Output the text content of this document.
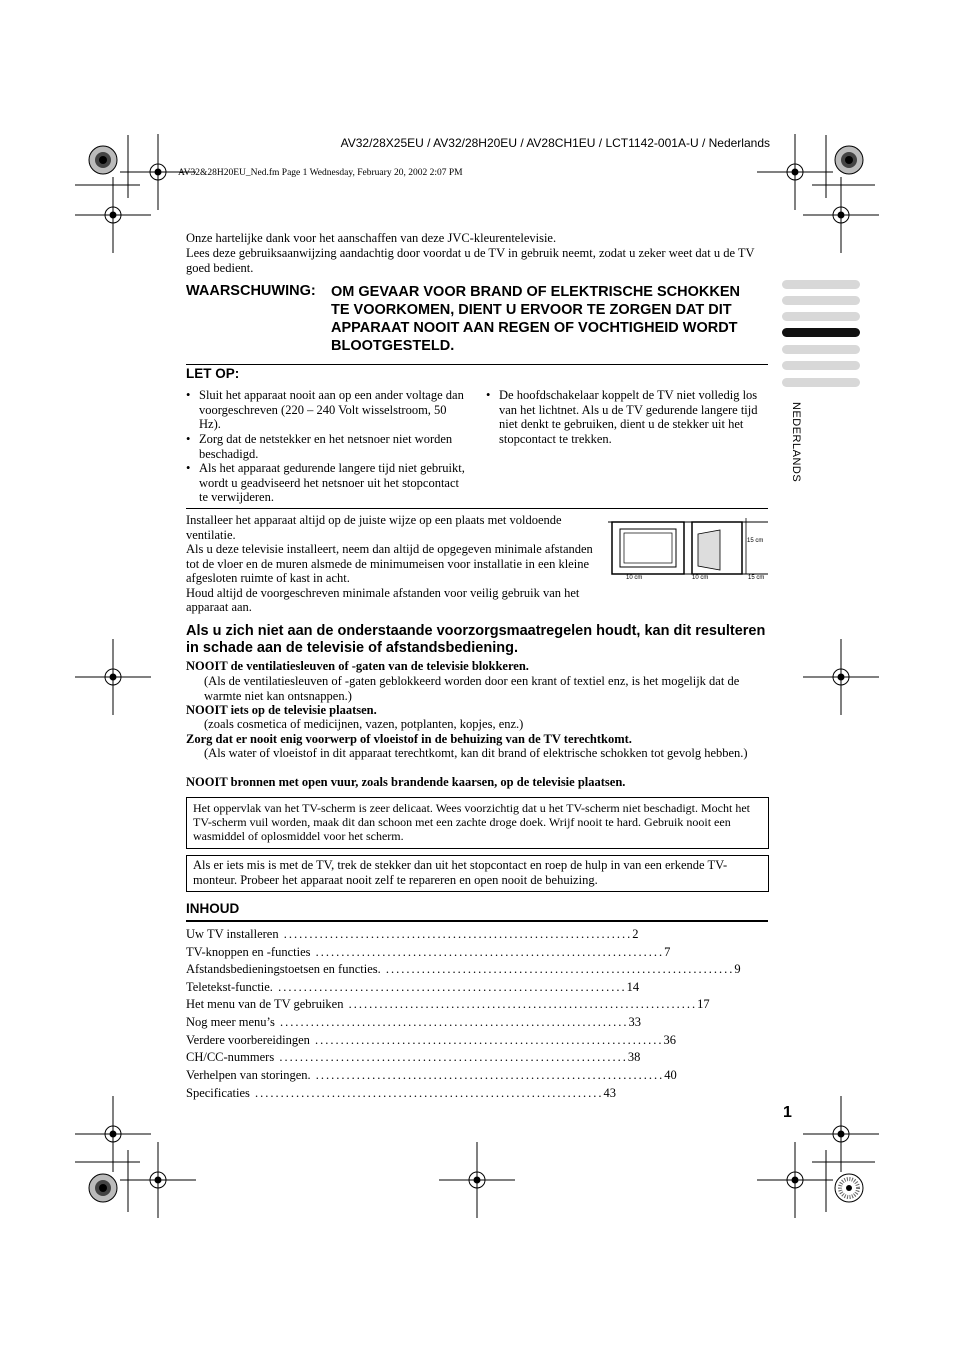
AV32/28X25EU / AV32/28H20EU / AV28CH1EU / LCT1142-001A-U / Nederlands
AV32&28H20EU_Ned.fm Page 1 Wednesday, February 20, 2002 2:07 PM
NEDERLANDS
Onze hartelijke dank voor het aanschaffen van deze JVC-kleurentelevisie.
Lees deze gebruiksaanwijzing aandachtig door voordat u de TV in gebruik neemt, zodat u zeker weet dat u de TV goed bedient.
WAARSCHUWING: OM GEVAAR VOOR BRAND OF ELEKTRISCHE SCHOKKEN TE VOORKOMEN, DIENT U ERVOOR TE ZORGEN DAT DIT APPARAAT NOOIT AAN REGEN OF VOCHTIGHEID WORDT BLOOTGESTELD.
LET OP:
• Sluit het apparaat nooit aan op een ander voltage dan voorgeschreven (220 – 240 Volt wisselstroom, 50 Hz).
• Zorg dat de netstekker en het netsnoer niet worden beschadigd.
• Als het apparaat gedurende langere tijd niet gebruikt, wordt u geadviseerd het netsnoer uit het stopcontact te verwijderen.
• De hoofdschakelaar koppelt de TV niet volledig los van het lichtnet. Als u de TV gedurende langere tijd niet denkt te gebruiken, dient u de stekker uit het stopcontact te trekken.
Installeer het apparaat altijd op de juiste wijze op een plaats met voldoende ventilatie.
Als u deze televisie installeert, neem dan altijd de opgegeven minimale afstanden tot de vloer en de muren alsmede de minimumeisen voor installatie in een kleine afgesloten ruimte of kast in acht.
Houd altijd de voorgeschreven minimale afstanden voor veilig gebruik van het apparaat aan.
15 cm
10 cm	10 cm	15 cm
Als u zich niet aan de onderstaande voorzorgsmaatregelen houdt, kan dit resulteren in schade aan de televisie of afstandsbediening.
NOOIT de ventilatiesleuven of -gaten van de televisie blokkeren.
(Als de ventilatiesleuven of -gaten geblokkeerd worden door een krant of textiel enz, is het mogelijk dat de warmte niet kan ontsnappen.)
NOOIT iets op de televisie plaatsen.
(zoals cosmetica of medicijnen, vazen, potplanten, kopjes, enz.)
Zorg dat er nooit enig voorwerp of vloeistof in de behuizing van de TV terechtkomt.
(Als water of vloeistof in dit apparaat terechtkomt, kan dit brand of elektrische schokken tot gevolg hebben.)
NOOIT bronnen met open vuur, zoals brandende kaarsen, op de televisie plaatsen.
Het oppervlak van het TV-scherm is zeer delicaat. Wees voorzichtig dat u het TV-scherm niet beschadigt. Mocht het TV-scherm vuil worden, maak dit dan schoon met een zachte droge doek. Wrijf nooit te hard. Gebruik nooit een wasmiddel of oplosmiddel voor het scherm.
Als er iets mis is met de TV, trek de stekker dan uit het stopcontact en roep de hulp in van een erkende TV-monteur. Probeer het apparaat nooit zelf te repareren en open nooit de behuizing.
INHOUD
Uw TV installeren .................................................................... 2
TV-knoppen en -functies .................................................................... 7
Afstandsbedieningstoetsen en functies. .................................................................... 9
Teletekst-functie. .................................................................... 14
Het menu van de TV gebruiken .................................................................... 17
Nog meer menu’s .................................................................... 33
Verdere voorbereidingen .................................................................... 36
CH/CC-nummers .................................................................... 38
Verhelpen van storingen. .................................................................... 40
Specificaties .................................................................... 43
1
